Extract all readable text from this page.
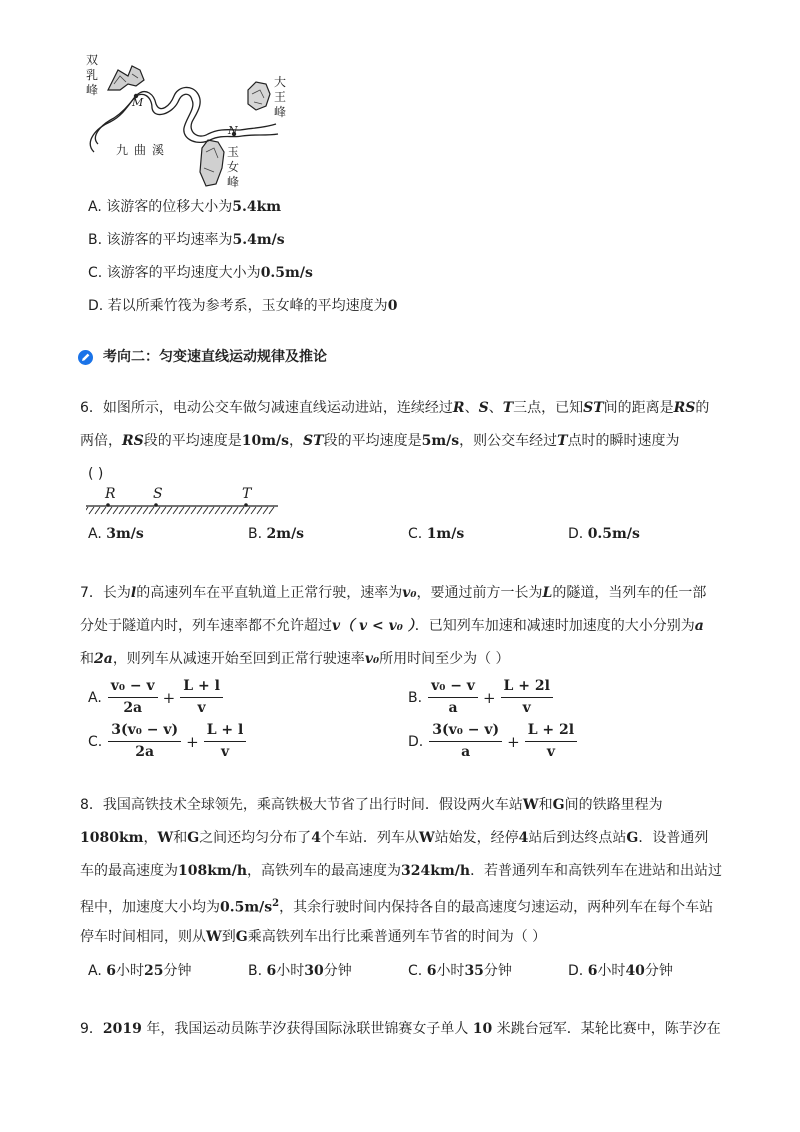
双乳峰
大王峰
玉女峰
九曲溪
M
N
A. 该游客的位移大小为5.4km
B. 该游客的平均速率为5.4m/s
C. 该游客的平均速度大小为0.5m/s
D. 若以所乘竹筏为参考系，玉女峰的平均速度为0
考向二：匀变速直线运动规律及推论
6．如图所示，电动公交车做匀减速直线运动进站，连续经过R、S、T三点，已知ST间的距离是RS的
两倍，RS段的平均速度是10m/s，ST段的平均速度是5m/s，则公交车经过T点时的瞬时速度为
( )
R	S	T
A. 3m/s	B. 2m/s	C. 1m/s	D. 0.5m/s
7．长为l的高速列车在平直轨道上正常行驶，速率为v₀，要通过前方一长为L的隧道，当列车的任一部
分处于隧道内时，列车速率都不允许超过v（ v < v₀ ）．已知列车加速和减速时加速度的大小分别为a
和2a，则列车从减速开始至回到正常行驶速率v₀所用时间至少为（ ）
A. $\frac{\text{v₀ − v}}{2a} + \frac{L + l}{v}$	B. $\frac{\text{v₀ − v}}{a} + \frac{L + 2l}{v}$
C. $\frac{\text{3(v₀ − v)}}{2a} + \frac{L + l}{v}$	D. $\frac{\text{3(v₀ − v)}}{a} + \frac{L + 2l}{v}$
8．我国高铁技术全球领先，乘高铁极大节省了出行时间．假设两火车站W和G间的铁路里程为
1080km，W和G之间还均匀分布了4个车站．列车从W站始发，经停4站后到达终点站G．设普通列
车的最高速度为108km/h，高铁列车的最高速度为324km/h．若普通列车和高铁列车在进站和出站过
程中，加速度大小均为$0.5m/s^2$，其余行驶时间内保持各自的最高速度匀速运动，两种列车在每个车站
停车时间相同，则从W到G乘高铁列车出行比乘普通列车节省的时间为（ ）
A. 6小时25分钟	B. 6小时30分钟	C. 6小时35分钟	D. 6小时40分钟
9．2019 年，我国运动员陈芋汐获得国际泳联世锦赛女子单人 10 米跳台冠军．某轮比赛中，陈芋汐在
